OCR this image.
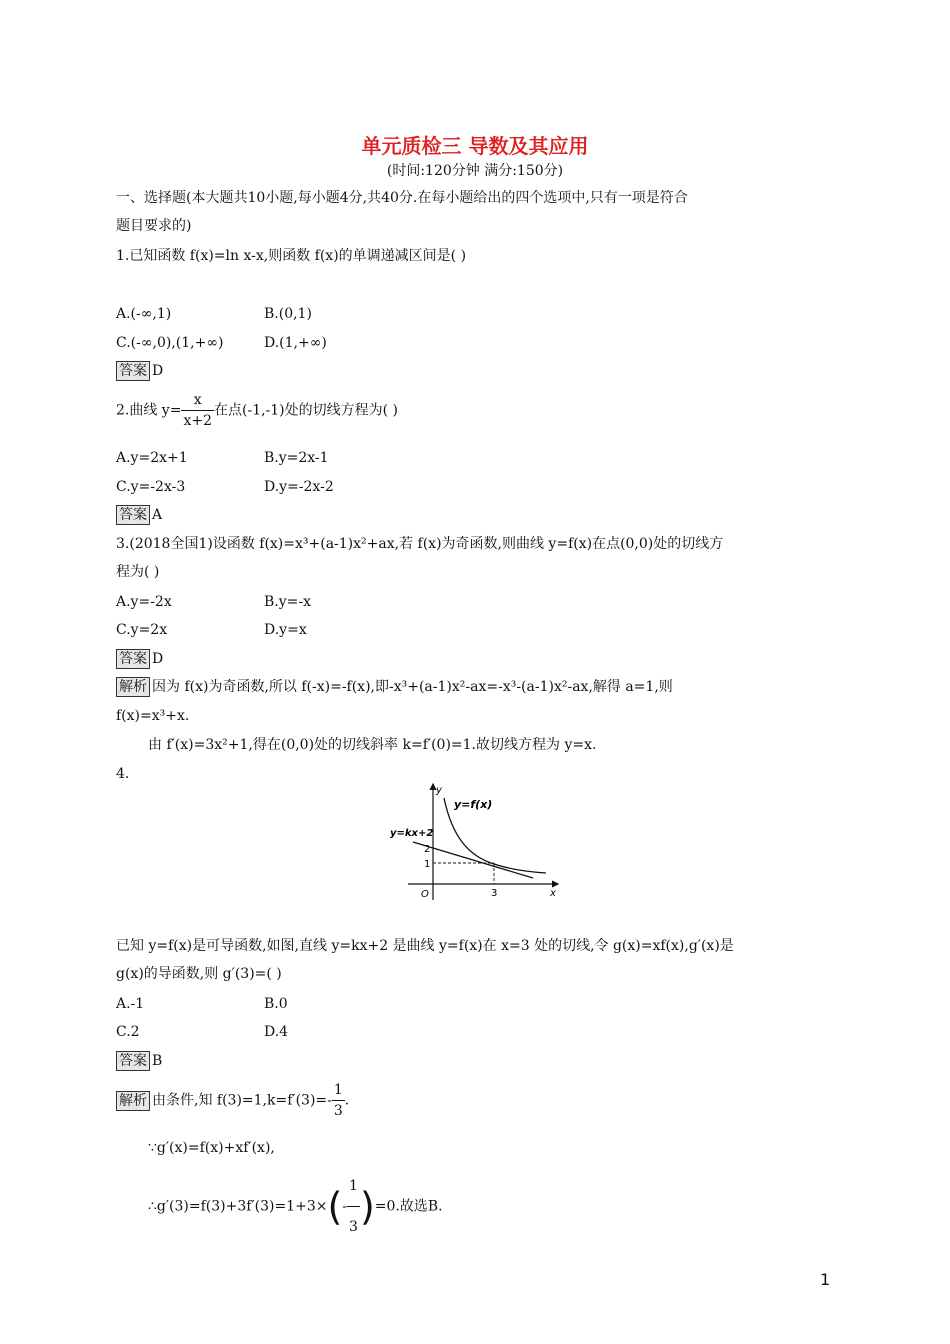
单元质检三 导数及其应用
(时间:120分钟 满分:150分)
一、选择题(本大题共10小题,每小题4分,共40分.在每小题给出的四个选项中,只有一项是符合
题目要求的)
1.已知函数 f(x)=ln x-x,则函数 f(x)的单调递减区间是( )
A.(-∞,1)	B.(0,1)
C.(-∞,0),(1,+∞)	D.(1,+∞)
答案 D
2.曲线 $y= \frac{x}{x+2}$ 在点(-1,-1)处的切线方程为( )
A.y=2x+1	B.y=2x-1
C.y=-2x-3	D.y=-2x-2
答案 A
3.(2018全国1)设函数 f(x)=x³+(a-1)x²+ax,若 f(x)为奇函数,则曲线 y=f(x)在点(0,0)处的切线方
程为( )
A.y=-2x	B.y=-x
C.y=2x	D.y=x
答案 D
解析 因为 f(x)为奇函数,所以 f(-x)=-f(x),即-x³+(a-1)x²-ax=-x³-(a-1)x²-ax,解得 a=1,则
f(x)=x³+x.
由 f′(x)=3x²+1,得在(0,0)处的切线斜率 k=f′(0)=1.故切线方程为 y=x.
4.
y=f(x)
y=kx+2
y
x
O
2
1
3
已知 y=f(x)是可导函数,如图,直线 y=kx+2 是曲线 y=f(x)在 x=3 处的切线,令 g(x)=xf(x),g′(x)是
g(x)的导函数,则 g′(3)=( )
A.-1	B.0
C.2	D.4
答案 B
解析 由条件,知 $f(3)=1,k=f'(3)=- \frac{1}{3}$ .
∵g′(x)=f(x)+xf′(x),
∴g′(3)=f(3)+3f′(3)=1+3×(- $\frac{1}{3} )=0$.故选B.
1
